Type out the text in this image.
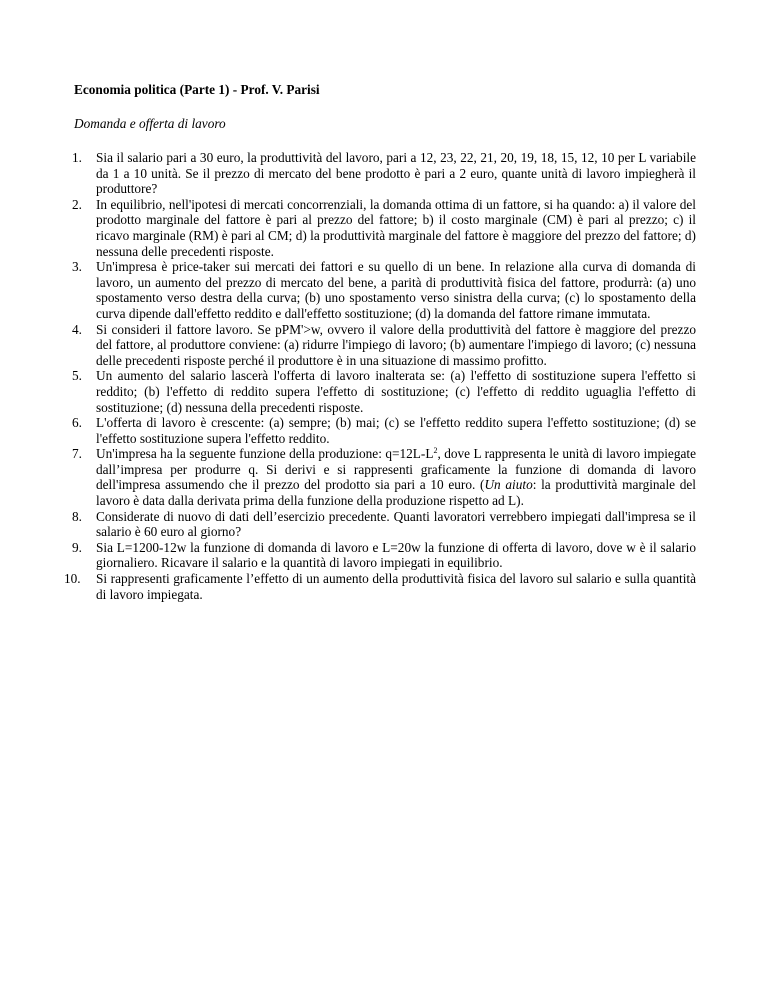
Economia politica (Parte 1) - Prof. V. Parisi

Domanda e offerta di lavoro

1.	Sia il salario pari a 30 euro, la produttività del lavoro, pari a 12, 23, 22, 21, 20, 19, 18, 15, 12, 10 per L variabile da 1 a 10 unità. Se il prezzo di mercato del bene prodotto è pari a 2 euro, quante unità di lavoro impiegherà il produttore?
2.	In equilibrio, nell'ipotesi di mercati concorrenziali, la domanda ottima di un fattore, si ha quando: a) il valore del prodotto marginale del fattore è pari al prezzo del fattore; b) il costo marginale (CM) è pari al prezzo; c) il ricavo marginale (RM) è pari al CM; d) la produttività marginale del fattore è maggiore del prezzo del fattore; d) nessuna delle precedenti risposte.
3.	Un'impresa è price-taker sui mercati dei fattori e su quello di un bene. In relazione alla curva di domanda di lavoro, un aumento del prezzo di mercato del bene, a parità di produttività fisica del fattore, produrrà: (a) uno spostamento verso destra della curva; (b) uno spostamento verso sinistra della curva; (c) lo spostamento della curva dipende dall'effetto reddito e dall'effetto sostituzione; (d) la domanda del fattore rimane immutata.
4.	Si consideri il fattore lavoro. Se pPM'>w, ovvero il valore della produttività del fattore è maggiore del prezzo del fattore, al produttore conviene: (a) ridurre l'impiego di lavoro; (b) aumentare l'impiego di lavoro; (c) nessuna delle precedenti risposte perché il produttore è in una situazione di massimo profitto.
5.	Un aumento del salario lascerà l'offerta di lavoro inalterata se: (a) l'effetto di sostituzione supera l'effetto si reddito; (b) l'effetto di reddito supera l'effetto di sostituzione; (c) l'effetto di reddito uguaglia l'effetto di sostituzione; (d) nessuna della precedenti risposte.
6.	L'offerta di lavoro è crescente: (a) sempre; (b) mai; (c) se l'effetto reddito supera l'effetto sostituzione; (d) se l'effetto sostituzione supera l'effetto reddito.
7.	Un'impresa ha la seguente funzione della produzione: $q=12L-L^2$, dove L rappresenta le unità di lavoro impiegate dall’impresa per produrre q. Si derivi e si rappresenti graficamente la funzione di domanda di lavoro dell'impresa assumendo che il prezzo del prodotto sia pari a 10 euro. (Un aiuto: la produttività marginale del lavoro è data dalla derivata prima della funzione della produzione rispetto ad L).
8.	Considerate di nuovo di dati dell’esercizio precedente. Quanti lavoratori verrebbero impiegati dall'impresa se il salario è 60 euro al giorno?
9.	Sia L=1200-12w la funzione di domanda di lavoro e L=20w la funzione di offerta di lavoro, dove w è il salario giornaliero. Ricavare il salario e la quantità di lavoro impiegati in equilibrio.
10. Si rappresenti graficamente l’effetto di un aumento della produttività fisica del lavoro sul salario e sulla quantità di lavoro impiegata.
